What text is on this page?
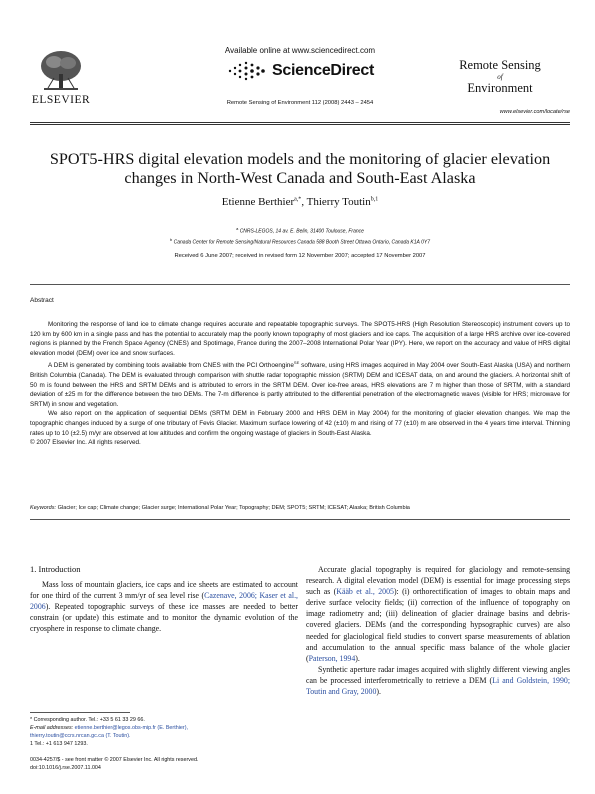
ELSEVIER
Available online at www.sciencedirect.com
ScienceDirect
Remote Sensing of Environment 112 (2008) 2443 – 2454
Remote Sensing
of
Environment
www.elsevier.com/locate/rse
SPOT5-HRS digital elevation models and the monitoring of glacier elevation
changes in North-West Canada and South-East Alaska
Etienne Berthier$^{a,*}$, Thierry Toutin$^{b,1}$
$^a$ CNRS-LEGOS, 14 av. E. Belin, 31400 Toulouse, France
$^b$ Canada Center for Remote Sensing/Natural Resources Canada 588 Booth Street Ottawa Ontario, Canada K1A 0Y7
Received 6 June 2007; received in revised form 12 November 2007; accepted 17 November 2007
Abstract

Monitoring the response of land ice to climate change requires accurate and repeatable topographic surveys. The SPOT5-HRS (High Resolution Stereoscopic) instrument covers up to 120 km by 600 km in a single pass and has the potential to accurately map the poorly known topography of most glaciers and ice caps. The acquisition of a large HRS archive over ice-covered regions is planned by the French Space Agency (CNES) and Spotimage, France during the 2007–2008 International Polar Year (IPY). Here, we report on the accuracy and value of HRS digital elevation model (DEM) over ice and snow surfaces.

A DEM is generated by combining tools available from CNES with the PCI Orthoengine$^{SE}$ software, using HRS images acquired in May 2004 over South-East Alaska (USA) and northern British Columbia (Canada). The DEM is evaluated through comparison with shuttle radar topographic mission (SRTM) DEM and ICESAT data, on and around the glaciers. A horizontal shift of 50 m is found between the HRS and SRTM DEMs and is attributed to errors in the SRTM DEM. Over ice-free areas, HRS elevations are 7 m higher than those of SRTM, with a standard deviation of ±25 m for the difference between the two DEMs. The 7-m difference is partly attributed to the differential penetration of the electromagnetic waves (visible for HRS; microwave for SRTM) in snow and vegetation.

We also report on the application of sequential DEMs (SRTM DEM in February 2000 and HRS DEM in May 2004) for the monitoring of glacier elevation changes. We map the topographic changes induced by a surge of one tributary of Fevis Glacier. Maximum surface lowering of 42 (±10) m and rising of 77 (±10) m are observed in the 4 years time interval. Thinning rates up to 10 (±2.5) m/yr are observed at low altitudes and confirm the ongoing wastage of glaciers in South-East Alaska.

© 2007 Elsevier Inc. All rights reserved.

Keywords: Glacier; Ice cap; Climate change; Glacier surge; International Polar Year; Topography; DEM; SPOT5; SRTM; ICESAT; Alaska; British Columbia
1. Introduction

Mass loss of mountain glaciers, ice caps and ice sheets are estimated to account for one third of the current 3 mm/yr of sea level rise (Cazenave, 2006; Kaser et al., 2006). Repeated topographic surveys of these ice masses are needed to better constrain (or update) this estimate and to monitor the dynamic evolution of the cryosphere in response to climate change.

Accurate glacial topography is required for glaciology and remote-sensing research. A digital elevation model (DEM) is essential for image processing steps such as (Kääb et al., 2005): (i) orthorectification of images to obtain maps and derive surface velocity fields; (ii) correction of the influence of topography on image radiometry and; (iii) delineation of glacier drainage basins and debris-covered glaciers. DEMs (and the corresponding hypsographic curves) are also needed for glaciological field studies to convert sparse measurements of ablation and accumulation to the annual specific mass balance of the whole glacier (Paterson, 1994).

Synthetic aperture radar images acquired with slightly different viewing angles can be processed interferometrically to retrieve a DEM (Li and Goldstein, 1990; Toutin and Gray, 2000).

* Corresponding author. Tel.: +33 5 61 33 29 66.
E-mail addresses: etienne.berthier@legos.obs-mip.fr (E. Berthier),
thierry.toutin@ccrs.nrcan.gc.ca (T. Toutin).
1 Tel.: +1 613 947 1293.
0034-4257/$ - see front matter © 2007 Elsevier Inc. All rights reserved.
doi:10.1016/j.rse.2007.11.004
